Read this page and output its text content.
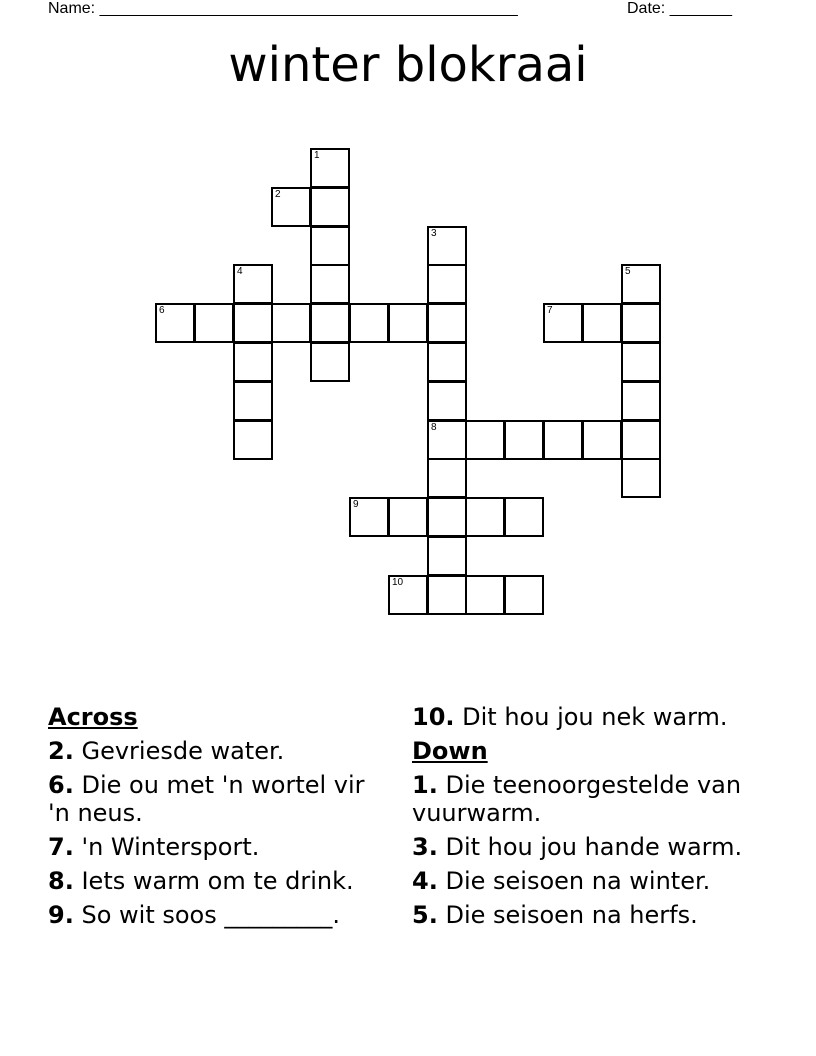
Name: _______________________________________________	Date: _______
winter blokraai
1
2
3
4	5
6	7
8
9
10
Across
2. Gevriesde water.
6. Die ou met 'n wortel vir 'n neus.
7. 'n Wintersport.
8. Iets warm om te drink.
9. So wit soos _________.
10. Dit hou jou nek warm.
Down
1. Die teenoorgestelde van vuurwarm.
3. Dit hou jou hande warm.
4. Die seisoen na winter.
5. Die seisoen na herfs.
